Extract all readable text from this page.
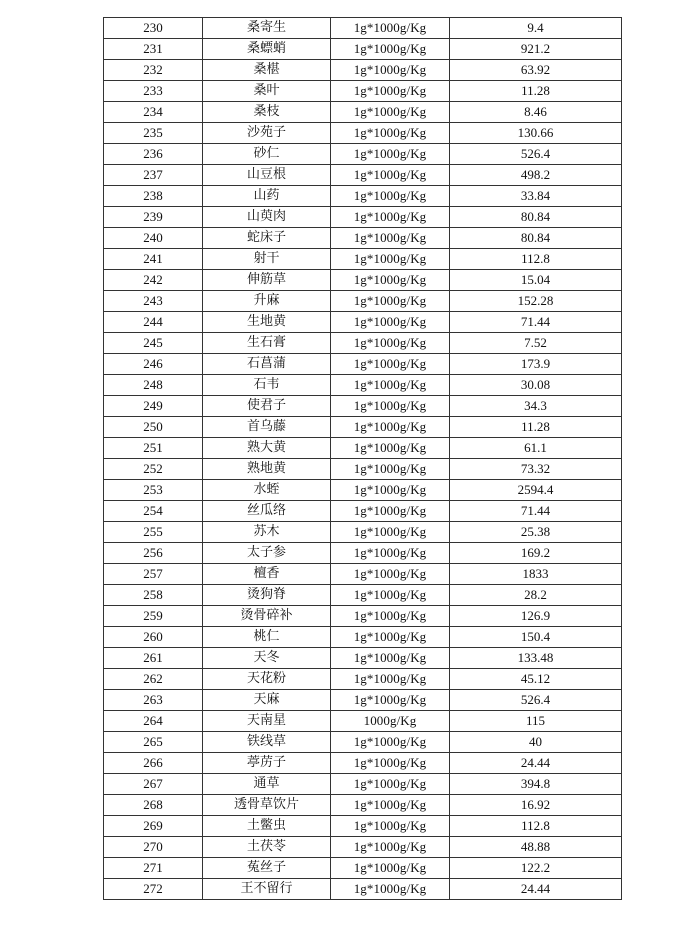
230	桑寄生	1g*1000g/Kg	9.4
231	桑螵蛸	1g*1000g/Kg	921.2
232	桑椹	1g*1000g/Kg	63.92
233	桑叶	1g*1000g/Kg	11.28
234	桑枝	1g*1000g/Kg	8.46
235	沙苑子	1g*1000g/Kg	130.66
236	砂仁	1g*1000g/Kg	526.4
237	山豆根	1g*1000g/Kg	498.2
238	山药	1g*1000g/Kg	33.84
239	山萸肉	1g*1000g/Kg	80.84
240	蛇床子	1g*1000g/Kg	80.84
241	射干	1g*1000g/Kg	112.8
242	伸筋草	1g*1000g/Kg	15.04
243	升麻	1g*1000g/Kg	152.28
244	生地黄	1g*1000g/Kg	71.44
245	生石膏	1g*1000g/Kg	7.52
246	石菖蒲	1g*1000g/Kg	173.9
248	石韦	1g*1000g/Kg	30.08
249	使君子	1g*1000g/Kg	34.3
250	首乌藤	1g*1000g/Kg	11.28
251	熟大黄	1g*1000g/Kg	61.1
252	熟地黄	1g*1000g/Kg	73.32
253	水蛭	1g*1000g/Kg	2594.4
254	丝瓜络	1g*1000g/Kg	71.44
255	苏木	1g*1000g/Kg	25.38
256	太子参	1g*1000g/Kg	169.2
257	檀香	1g*1000g/Kg	1833
258	烫狗脊	1g*1000g/Kg	28.2
259	烫骨碎补	1g*1000g/Kg	126.9
260	桃仁	1g*1000g/Kg	150.4
261	天冬	1g*1000g/Kg	133.48
262	天花粉	1g*1000g/Kg	45.12
263	天麻	1g*1000g/Kg	526.4
264	天南星	1000g/Kg	115
265	铁线草	1g*1000g/Kg	40
266	葶苈子	1g*1000g/Kg	24.44
267	通草	1g*1000g/Kg	394.8
268	透骨草饮片	1g*1000g/Kg	16.92
269	土鳖虫	1g*1000g/Kg	112.8
270	土茯苓	1g*1000g/Kg	48.88
271	菟丝子	1g*1000g/Kg	122.2
272	王不留行	1g*1000g/Kg	24.44
